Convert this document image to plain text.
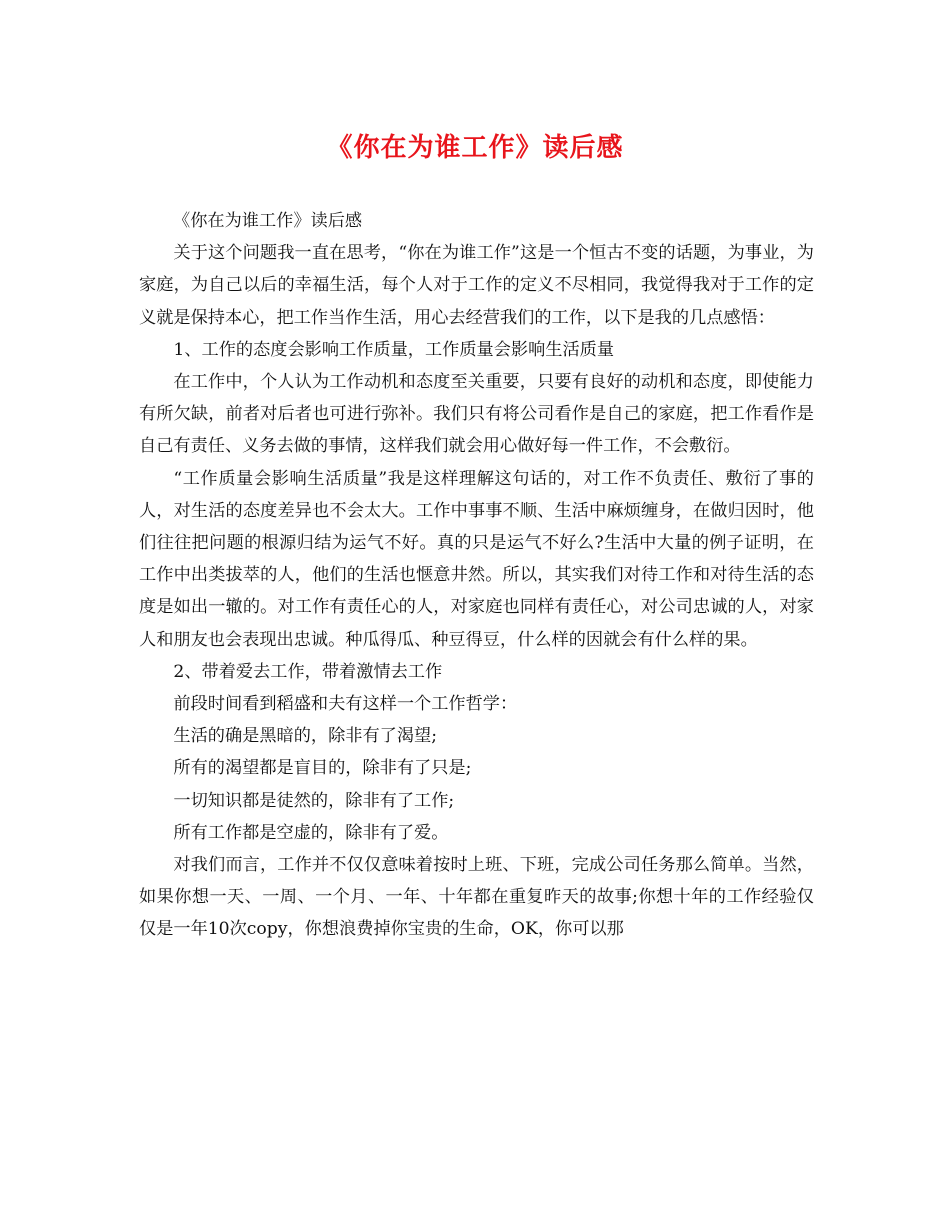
《你在为谁工作》读后感

《你在为谁工作》读后感

关于这个问题我一直在思考，“你在为谁工作”这是一个恒古不变的话题，为事业，为家庭，为自己以后的幸福生活，每个人对于工作的定义不尽相同，我觉得我对于工作的定义就是保持本心，把工作当作生活，用心去经营我们的工作，以下是我的几点感悟：

1、工作的态度会影响工作质量，工作质量会影响生活质量

在工作中，个人认为工作动机和态度至关重要，只要有良好的动机和态度，即使能力有所欠缺，前者对后者也可进行弥补。我们只有将公司看作是自己的家庭，把工作看作是自己有责任、义务去做的事情，这样我们就会用心做好每一件工作，不会敷衍。

“工作质量会影响生活质量”我是这样理解这句话的，对工作不负责任、敷衍了事的人，对生活的态度差异也不会太大。工作中事事不顺、生活中麻烦缠身，在做归因时，他们往往把问题的根源归结为运气不好。真的只是运气不好么?生活中大量的例子证明，在工作中出类拔萃的人，他们的生活也惬意井然。所以，其实我们对待工作和对待生活的态度是如出一辙的。对工作有责任心的人，对家庭也同样有责任心，对公司忠诚的人，对家人和朋友也会表现出忠诚。种瓜得瓜、种豆得豆，什么样的因就会有什么样的果。

2、带着爱去工作，带着激情去工作

前段时间看到稻盛和夫有这样一个工作哲学：

生活的确是黑暗的，除非有了渴望;

所有的渴望都是盲目的，除非有了只是;

一切知识都是徒然的，除非有了工作;

所有工作都是空虚的，除非有了爱。

对我们而言，工作并不仅仅意味着按时上班、下班，完成公司任务那么简单。当然，如果你想一天、一周、一个月、一年、十年都在重复昨天的故事;你想十年的工作经验仅仅是一年10次copy，你想浪费掉你宝贵的生命，OK，你可以那
